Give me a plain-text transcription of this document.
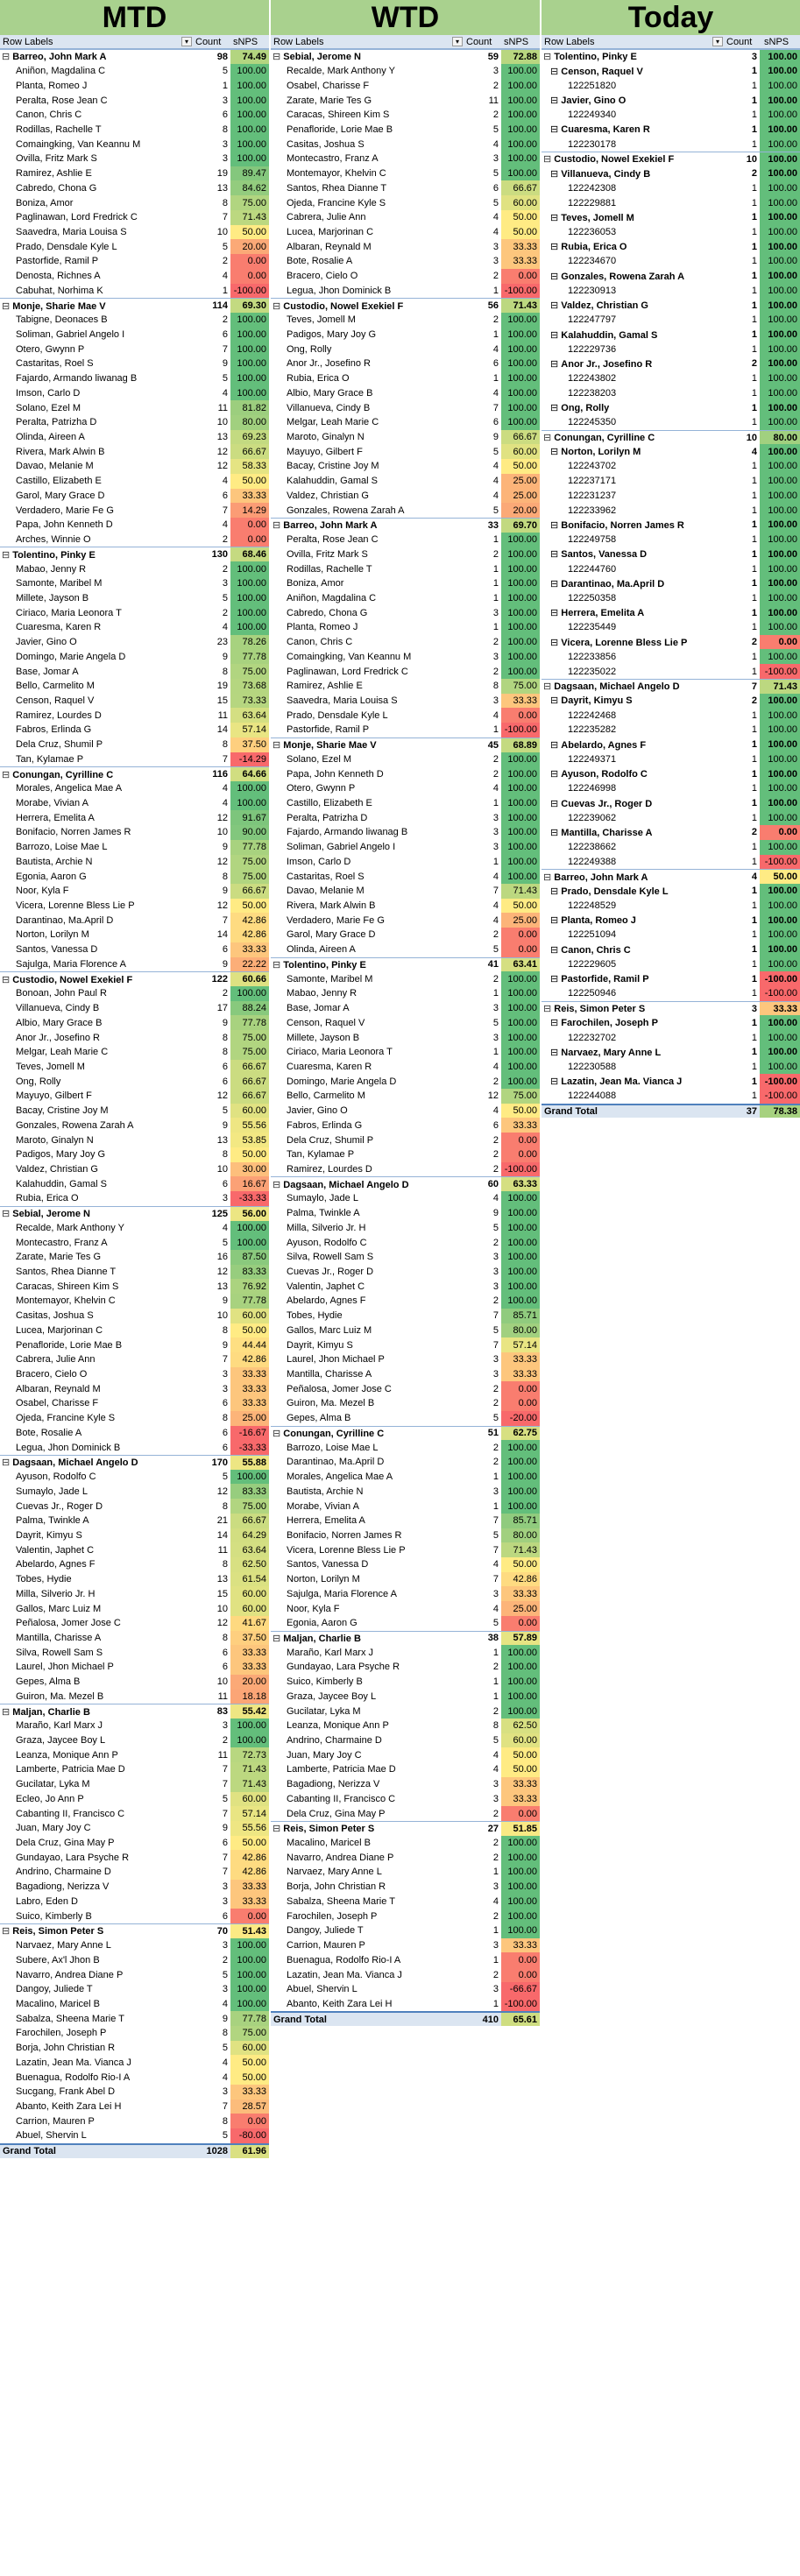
MTD
Row Labels	▾ Count	sNPS
⊟ Barreo, John Mark A	98	74.49
Aniñon, Magdalina C	5 100.00
Planta, Romeo J	1 100.00
Peralta, Rose Jean C	3 100.00
Canon, Chris C	6 100.00
Rodillas, Rachelle T	8 100.00
Comaingking, Van Keannu M	3 100.00
Ovilla, Fritz Mark S	3 100.00
Ramirez, Ashlie E	19	89.47
Cabredo, Chona G	13	84.62
Boniza, Amor	8	75.00
Paglinawan, Lord Fredrick C	7	71.43
Saavedra, Maria Louisa S	10	50.00
Prado, Densdale Kyle L	5	20.00
Pastorfide, Ramil P	2	0.00
Denosta, Richnes A	4	0.00
Cabuhat, Norhima K	1 -100.00
⊟ Monje, Sharie Mae V	114	69.30
Tabigne, Deonaces B	2 100.00
Soliman, Gabriel Angelo I	6 100.00
Otero, Gwynn P	7 100.00
Castaritas, Roel S	9 100.00
Fajardo, Armando liwanag B	5 100.00
Imson, Carlo D	4 100.00
Solano, Ezel M	11	81.82
Peralta, Patrizha D	10	80.00
Olinda, Aireen A	13	69.23
Rivera, Mark Alwin B	12	66.67
Davao, Melanie M	12	58.33
Castillo, Elizabeth E	4	50.00
Garol, Mary Grace D	6	33.33
Verdadero, Marie Fe G	7	14.29
Papa, John Kenneth D	4	0.00
Arches, Winnie O	2	0.00
⊟ Tolentino, Pinky E	130	68.46
Mabao, Jenny R	2 100.00
Samonte, Maribel M	3 100.00
Millete, Jayson B	5 100.00
Ciriaco, Maria Leonora T	2 100.00
Cuaresma, Karen R	4 100.00
Javier, Gino O	23	78.26
Domingo, Marie Angela D	9	77.78
Base, Jomar A	8	75.00
Bello, Carmelito M	19	73.68
Censon, Raquel V	15	73.33
Ramirez, Lourdes D	11	63.64
Fabros, Erlinda G	14	57.14
Dela Cruz, Shumil P	8	37.50
Tan, Kylamae P	7	-14.29
⊟ Conungan, Cyrilline C	116	64.66
Morales, Angelica Mae A	4 100.00
Morabe, Vivian A	4 100.00
Herrera, Emelita A	12	91.67
Bonifacio, Norren James R	10	90.00
Barrozo, Loise Mae L	9	77.78
Bautista, Archie N	12	75.00
Egonia, Aaron G	8	75.00
Noor, Kyla F	9	66.67
Vicera, Lorenne Bless Lie P	12	50.00
Darantinao, Ma.April D	7	42.86
Norton, Lorilyn M	14	42.86
Santos, Vanessa D	6	33.33
Sajulga, Maria Florence A	9	22.22
⊟ Custodio, Nowel Exekiel F	122	60.66
Bonoan, John Paul R	2 100.00
Villanueva, Cindy B	17	88.24
Albio, Mary Grace B	9	77.78
Anor Jr., Josefino R	8	75.00
Melgar, Leah Marie C	8	75.00
Teves, Jomell M	6	66.67
Ong, Rolly	6	66.67
Mayuyo, Gilbert F	12	66.67
Bacay, Cristine Joy M	5	60.00
Gonzales, Rowena Zarah A	9	55.56
Maroto, Ginalyn N	13	53.85
Padigos, Mary Joy G	8	50.00
Valdez, Christian G	10	30.00
Kalahuddin, Gamal S	6	16.67
Rubia, Erica O	3	-33.33
⊟ Sebial, Jerome N	125	56.00
Recalde, Mark Anthony Y	4 100.00
Montecastro, Franz A	5 100.00
Zarate, Marie Tes G	16	87.50
Santos, Rhea Dianne T	12	83.33
Caracas, Shireen Kim S	13	76.92
Montemayor, Khelvin C	9	77.78
Casitas, Joshua S	10	60.00
Lucea, Marjorinan C	8	50.00
Penafloride, Lorie Mae B	9	44.44
Cabrera, Julie Ann	7	42.86
Bracero, Cielo O	3	33.33
Albaran, Reynald M	3	33.33
Osabel, Charisse F	6	33.33
Ojeda, Francine Kyle S	8	25.00
Bote, Rosalie A	6	-16.67
Legua, Jhon Dominick B	6	-33.33
⊟ Dagsaan, Michael Angelo D	170	55.88
Ayuson, Rodolfo C	5 100.00
Sumaylo, Jade L	12	83.33
Cuevas Jr., Roger D	8	75.00
Palma, Twinkle A	21	66.67
Dayrit, Kimyu S	14	64.29
Valentin, Japhet C	11	63.64
Abelardo, Agnes F	8	62.50
Tobes, Hydie	13	61.54
Milla, Silverio Jr. H	15	60.00
Gallos, Marc Luiz M	10	60.00
Peñalosa, Jomer Jose C	12	41.67
Mantilla, Charisse A	8	37.50
Silva, Rowell Sam S	6	33.33
Laurel, Jhon Michael P	6	33.33
Gepes, Alma B	10	20.00
Guiron, Ma. Mezel B	11	18.18
⊟ Maljan, Charlie B	83	55.42
Maraño, Karl Marx J	3 100.00
Graza, Jaycee Boy L	2 100.00
Leanza, Monique Ann P	11	72.73
Lamberte, Patricia Mae D	7	71.43
Gucilatar, Lyka M	7	71.43
Ecleo, Jo Ann P	5	60.00
Cabanting II, Francisco C	7	57.14
Juan, Mary Joy C	9	55.56
Dela Cruz, Gina May P	6	50.00
Gundayao, Lara Psyche R	7	42.86
Andrino, Charmaine D	7	42.86
Bagadiong, Nerizza V	3	33.33
Labro, Eden D	3	33.33
Suico, Kimberly B	6	0.00
⊟ Reis, Simon Peter S	70	51.43
Narvaez, Mary Anne L	3 100.00
Subere, Ax'l Jhon B	2 100.00
Navarro, Andrea Diane P	5 100.00
Dangoy, Juliede T	3 100.00
Macalino, Maricel B	4 100.00
Sabalza, Sheena Marie T	9	77.78
Farochilen, Joseph P	8	75.00
Borja, John Christian R	5	60.00
Lazatin, Jean Ma. Vianca J	4	50.00
Buenagua, Rodolfo Rio-I A	4	50.00
Sucgang, Frank Abel D	3	33.33
Abanto, Keith Zara Lei H	7	28.57
Carrion, Mauren P	8	0.00
Abuel, Shervin L	5	-80.00
Grand Total	1028	61.96
WTD
Row Labels	▾ Count	sNPS
⊟ Sebial, Jerome N	59	72.88
Recalde, Mark Anthony Y	3 100.00
Osabel, Charisse F	2 100.00
Zarate, Marie Tes G	11 100.00
Caracas, Shireen Kim S	2 100.00
Penafloride, Lorie Mae B	5 100.00
Casitas, Joshua S	4 100.00
Montecastro, Franz A	3 100.00
Montemayor, Khelvin C	5 100.00
Santos, Rhea Dianne T	6	66.67
Ojeda, Francine Kyle S	5	60.00
Cabrera, Julie Ann	4	50.00
Lucea, Marjorinan C	4	50.00
Albaran, Reynald M	3	33.33
Bote, Rosalie A	3	33.33
Bracero, Cielo O	2	0.00
Legua, Jhon Dominick B	1 -100.00
⊟ Custodio, Nowel Exekiel F	56	71.43
Teves, Jomell M	2 100.00
Padigos, Mary Joy G	1 100.00
Ong, Rolly	4 100.00
Anor Jr., Josefino R	6 100.00
Rubia, Erica O	1 100.00
Albio, Mary Grace B	4 100.00
Villanueva, Cindy B	7 100.00
Melgar, Leah Marie C	6 100.00
Maroto, Ginalyn N	9	66.67
Mayuyo, Gilbert F	5	60.00
Bacay, Cristine Joy M	4	50.00
Kalahuddin, Gamal S	4	25.00
Valdez, Christian G	4	25.00
Gonzales, Rowena Zarah A	5	20.00
⊟ Barreo, John Mark A	33	69.70
Peralta, Rose Jean C	1 100.00
Ovilla, Fritz Mark S	2 100.00
Rodillas, Rachelle T	1 100.00
Boniza, Amor	1 100.00
Aniñon, Magdalina C	1 100.00
Cabredo, Chona G	3 100.00
Planta, Romeo J	1 100.00
Canon, Chris C	2 100.00
Comaingking, Van Keannu M	3 100.00
Paglinawan, Lord Fredrick C	2 100.00
Ramirez, Ashlie E	8	75.00
Saavedra, Maria Louisa S	3	33.33
Prado, Densdale Kyle L	4	0.00
Pastorfide, Ramil P	1 -100.00
⊟ Monje, Sharie Mae V	45	68.89
Solano, Ezel M	2 100.00
Papa, John Kenneth D	2 100.00
Otero, Gwynn P	4 100.00
Castillo, Elizabeth E	1 100.00
Peralta, Patrizha D	3 100.00
Fajardo, Armando liwanag B	3 100.00
Soliman, Gabriel Angelo I	3 100.00
Imson, Carlo D	1 100.00
Castaritas, Roel S	4 100.00
Davao, Melanie M	7	71.43
Rivera, Mark Alwin B	4	50.00
Verdadero, Marie Fe G	4	25.00
Garol, Mary Grace D	2	0.00
Olinda, Aireen A	5	0.00
⊟ Tolentino, Pinky E	41	63.41
Samonte, Maribel M	2 100.00
Mabao, Jenny R	1 100.00
Base, Jomar A	3 100.00
Censon, Raquel V	5 100.00
Millete, Jayson B	3 100.00
Ciriaco, Maria Leonora T	1 100.00
Cuaresma, Karen R	4 100.00
Domingo, Marie Angela D	2 100.00
Bello, Carmelito M	12	75.00
Javier, Gino O	4	50.00
Fabros, Erlinda G	6	33.33
Dela Cruz, Shumil P	2	0.00
Tan, Kylamae P	2	0.00
Ramirez, Lourdes D	2 -100.00
⊟ Dagsaan, Michael Angelo D	60	63.33
Sumaylo, Jade L	4 100.00
Palma, Twinkle A	9 100.00
Milla, Silverio Jr. H	5 100.00
Ayuson, Rodolfo C	2 100.00
Silva, Rowell Sam S	3 100.00
Cuevas Jr., Roger D	3 100.00
Valentin, Japhet C	3 100.00
Abelardo, Agnes F	2 100.00
Tobes, Hydie	7	85.71
Gallos, Marc Luiz M	5	80.00
Dayrit, Kimyu S	7	57.14
Laurel, Jhon Michael P	3	33.33
Mantilla, Charisse A	3	33.33
Peñalosa, Jomer Jose C	2	0.00
Guiron, Ma. Mezel B	2	0.00
Gepes, Alma B	5	-20.00
⊟ Conungan, Cyrilline C	51	62.75
Barrozo, Loise Mae L	2 100.00
Darantinao, Ma.April D	2 100.00
Morales, Angelica Mae A	1 100.00
Bautista, Archie N	3 100.00
Morabe, Vivian A	1 100.00
Herrera, Emelita A	7	85.71
Bonifacio, Norren James R	5	80.00
Vicera, Lorenne Bless Lie P	7	71.43
Santos, Vanessa D	4	50.00
Norton, Lorilyn M	7	42.86
Sajulga, Maria Florence A	3	33.33
Noor, Kyla F	4	25.00
Egonia, Aaron G	5	0.00
⊟ Maljan, Charlie B	38	57.89
Maraño, Karl Marx J	1 100.00
Gundayao, Lara Psyche R	2 100.00
Suico, Kimberly B	1 100.00
Graza, Jaycee Boy L	1 100.00
Gucilatar, Lyka M	2 100.00
Leanza, Monique Ann P	8	62.50
Andrino, Charmaine D	5	60.00
Juan, Mary Joy C	4	50.00
Lamberte, Patricia Mae D	4	50.00
Bagadiong, Nerizza V	3	33.33
Cabanting II, Francisco C	3	33.33
Dela Cruz, Gina May P	2	0.00
⊟ Reis, Simon Peter S	27	51.85
Macalino, Maricel B	2 100.00
Navarro, Andrea Diane P	2 100.00
Narvaez, Mary Anne L	1 100.00
Borja, John Christian R	3 100.00
Sabalza, Sheena Marie T	4 100.00
Farochilen, Joseph P	2 100.00
Dangoy, Juliede T	1 100.00
Carrion, Mauren P	3	33.33
Buenagua, Rodolfo Rio-I A	1	0.00
Lazatin, Jean Ma. Vianca J	2	0.00
Abuel, Shervin L	3	-66.67
Abanto, Keith Zara Lei H	1 -100.00
Grand Total	410	65.61
Today
Row Labels	▾ Count	sNPS
⊟ Tolentino, Pinky E	3	100.00
⊟ Censon, Raquel V	1	100.00
122251820	1	100.00
⊟ Javier, Gino O	1	100.00
122249340	1	100.00
⊟ Cuaresma, Karen R	1	100.00
122230178	1	100.00
⊟ Custodio, Nowel Exekiel F	10	100.00
⊟ Villanueva, Cindy B	2	100.00
122242308	1	100.00
122229881	1	100.00
⊟ Teves, Jomell M	1	100.00
122236053	1	100.00
⊟ Rubia, Erica O	1	100.00
122234670	1	100.00
⊟ Gonzales, Rowena Zarah A	1	100.00
122230913	1	100.00
⊟ Valdez, Christian G	1	100.00
122247797	1	100.00
⊟ Kalahuddin, Gamal S	1	100.00
122229736	1	100.00
⊟ Anor Jr., Josefino R	2	100.00
122243802	1	100.00
122238203	1	100.00
⊟ Ong, Rolly	1	100.00
122245350	1	100.00
⊟ Conungan, Cyrilline C	10	80.00
⊟ Norton, Lorilyn M	4	100.00
122243702	1	100.00
122237171	1	100.00
122231237	1	100.00
122233962	1	100.00
⊟ Bonifacio, Norren James R	1	100.00
122249758	1	100.00
⊟ Santos, Vanessa D	1	100.00
122244760	1	100.00
⊟ Darantinao, Ma.April D	1	100.00
122250358	1	100.00
⊟ Herrera, Emelita A	1	100.00
122235449	1	100.00
⊟ Vicera, Lorenne Bless Lie P	2	0.00
122233856	1	100.00
122235022	1 -100.00
⊟ Dagsaan, Michael Angelo D	7	71.43
⊟ Dayrit, Kimyu S	2	100.00
122242468	1	100.00
122235282	1	100.00
⊟ Abelardo, Agnes F	1	100.00
122249371	1	100.00
⊟ Ayuson, Rodolfo C	1	100.00
122246998	1	100.00
⊟ Cuevas Jr., Roger D	1	100.00
122239062	1	100.00
⊟ Mantilla, Charisse A	2	0.00
122238662	1	100.00
122249388	1 -100.00
⊟ Barreo, John Mark A	4	50.00
⊟ Prado, Densdale Kyle L	1	100.00
122248529	1	100.00
⊟ Planta, Romeo J	1	100.00
122251094	1	100.00
⊟ Canon, Chris C	1	100.00
122229605	1	100.00
⊟ Pastorfide, Ramil P	1 -100.00
122250946	1 -100.00
⊟ Reis, Simon Peter S	3	33.33
⊟ Farochilen, Joseph P	1	100.00
122232702	1	100.00
⊟ Narvaez, Mary Anne L	1	100.00
122230588	1	100.00
⊟ Lazatin, Jean Ma. Vianca J	1 -100.00
122244088	1 -100.00
Grand Total	37	78.38
